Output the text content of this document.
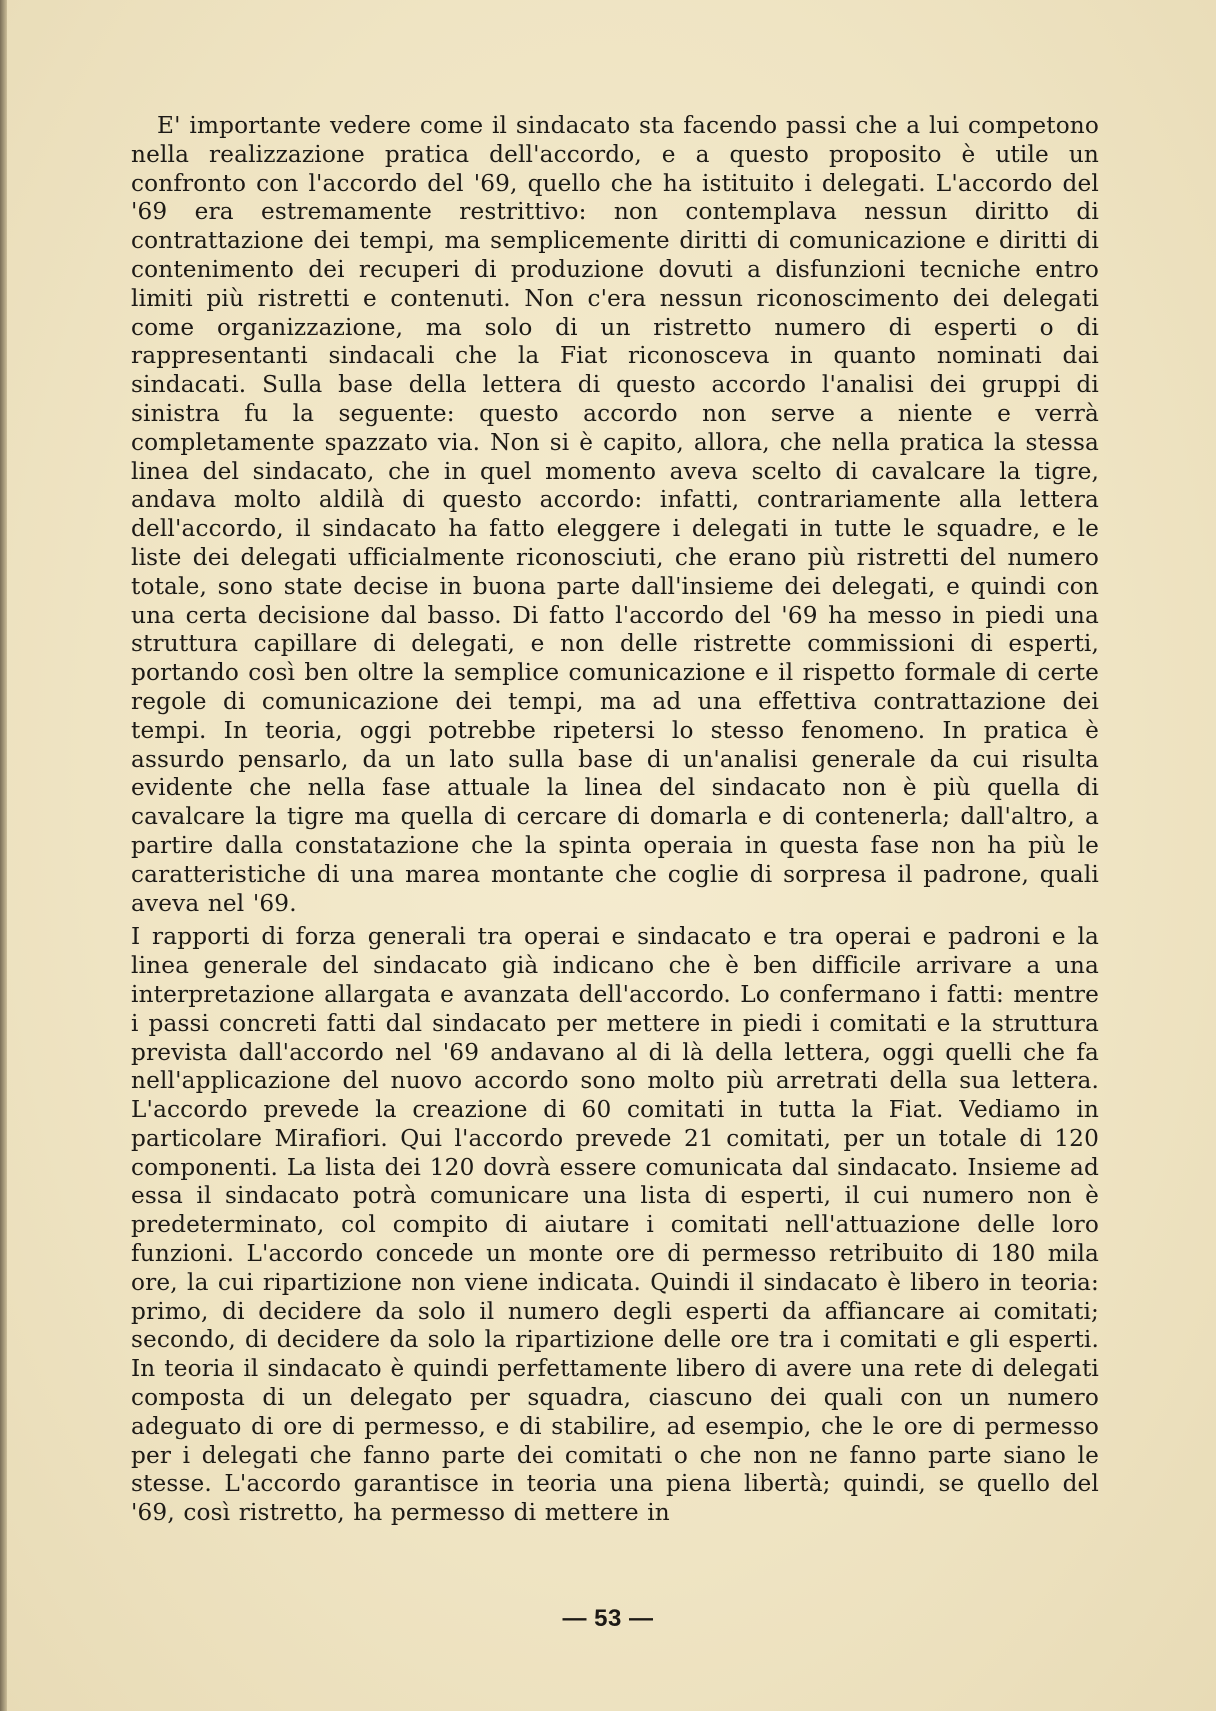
E' importante vedere come il sindacato sta facendo passi che a lui competono nella realizzazione pratica dell'accordo, e a questo proposito è utile un confronto con l'accordo del '69, quello che ha istituito i delegati. L'accordo del '69 era estremamente restrittivo: non contemplava nessun diritto di contrattazione dei tempi, ma semplicemente diritti di comunicazione e diritti di contenimento dei recuperi di produzione dovuti a disfunzioni tecniche entro limiti più ristretti e contenuti. Non c'era nessun riconoscimento dei delegati come organizzazione, ma solo di un ristretto numero di esperti o di rappresentanti sindacali che la Fiat riconosceva in quanto nominati dai sindacati. Sulla base della lettera di questo accordo l'analisi dei gruppi di sinistra fu la seguente: questo accordo non serve a niente e verrà completamente spazzato via. Non si è capito, allora, che nella pratica la stessa linea del sindacato, che in quel momento aveva scelto di cavalcare la tigre, andava molto aldilà di questo accordo: infatti, contrariamente alla lettera dell'accordo, il sindacato ha fatto eleggere i delegati in tutte le squadre, e le liste dei delegati ufficialmente riconosciuti, che erano più ristretti del numero totale, sono state decise in buona parte dall'insieme dei delegati, e quindi con una certa decisione dal basso. Di fatto l'accordo del '69 ha messo in piedi una struttura capillare di delegati, e non delle ristrette commissioni di esperti, portando così ben oltre la semplice comunicazione e il rispetto formale di certe regole di comunicazione dei tempi, ma ad una effettiva contrattazione dei tempi. In teoria, oggi potrebbe ripetersi lo stesso fenomeno. In pratica è assurdo pensarlo, da un lato sulla base di un'analisi generale da cui risulta evidente che nella fase attuale la linea del sindacato non è più quella di cavalcare la tigre ma quella di cercare di domarla e di contenerla; dall'altro, a partire dalla constatazione che la spinta operaia in questa fase non ha più le caratteristiche di una marea montante che coglie di sorpresa il padrone, quali aveva nel '69.

I rapporti di forza generali tra operai e sindacato e tra operai e padroni e la linea generale del sindacato già indicano che è ben difficile arrivare a una interpretazione allargata e avanzata dell'accordo. Lo confermano i fatti: mentre i passi concreti fatti dal sindacato per mettere in piedi i comitati e la struttura prevista dall'accordo nel '69 andavano al di là della lettera, oggi quelli che fa nell'applicazione del nuovo accordo sono molto più arretrati della sua lettera. L'accordo prevede la creazione di 60 comitati in tutta la Fiat. Vediamo in particolare Mirafiori. Qui l'accordo prevede 21 comitati, per un totale di 120 componenti. La lista dei 120 dovrà essere comunicata dal sindacato. Insieme ad essa il sindacato potrà comunicare una lista di esperti, il cui numero non è predeterminato, col compito di aiutare i comitati nell'attuazione delle loro funzioni. L'accordo concede un monte ore di permesso retribuito di 180 mila ore, la cui ripartizione non viene indicata. Quindi il sindacato è libero in teoria: primo, di decidere da solo il numero degli esperti da affiancare ai comitati; secondo, di decidere da solo la ripartizione delle ore tra i comitati e gli esperti. In teoria il sindacato è quindi perfettamente libero di avere una rete di delegati composta di un delegato per squadra, ciascuno dei quali con un numero adeguato di ore di permesso, e di stabilire, ad esempio, che le ore di permesso per i delegati che fanno parte dei comitati o che non ne fanno parte siano le stesse. L'accordo garantisce in teoria una piena libertà; quindi, se quello del '69, così ristretto, ha permesso di mettere in

— 53 —
